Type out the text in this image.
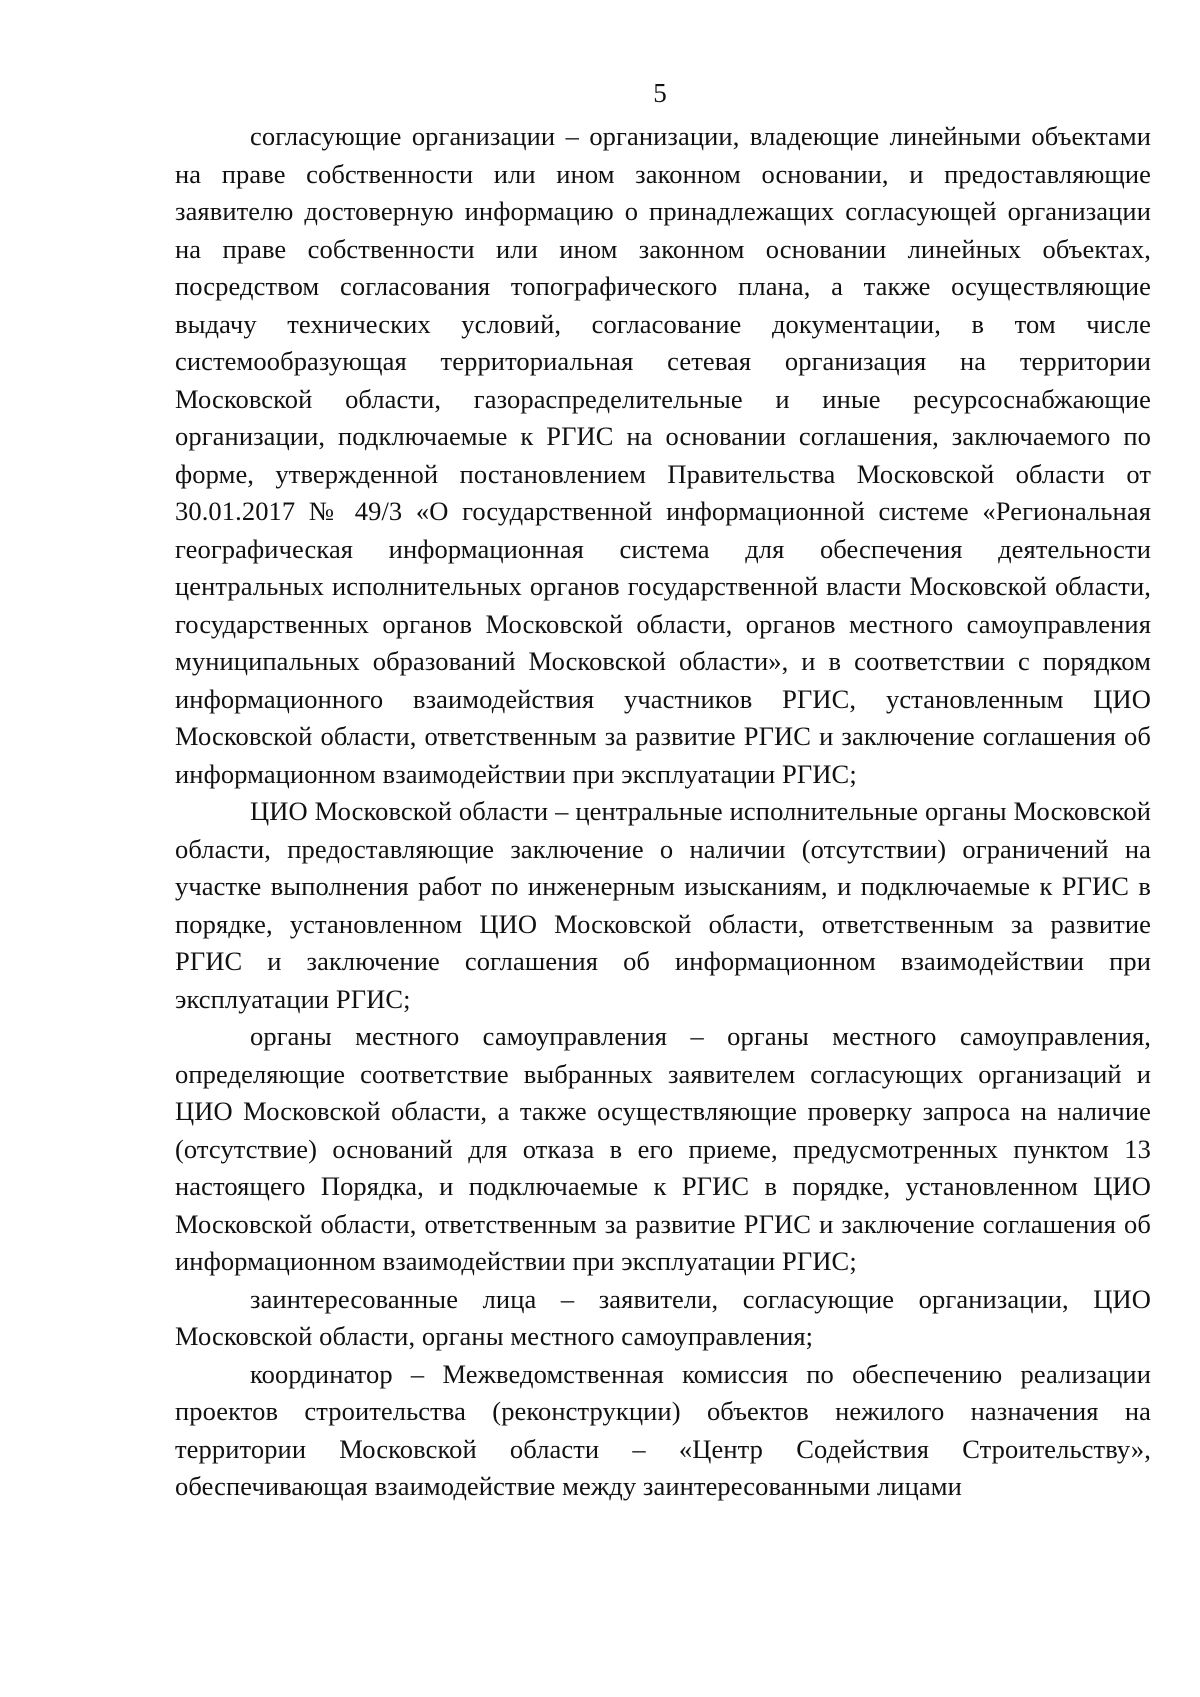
5

согласующие организации – организации, владеющие линейными объектами на праве собственности или ином законном основании, и предоставляющие заявителю достоверную информацию о принадлежащих согласующей организации на праве собственности или ином законном основании линейных объектах, посредством согласования топографического плана, а также осуществляющие выдачу технических условий, согласование документации, в том числе системообразующая территориальная сетевая организация на территории Московской области, газораспределительные и иные ресурсоснабжающие организации, подключаемые к РГИС на основании соглашения, заключаемого по форме, утвержденной постановлением Правительства Московской области от 30.01.2017 № 49/3 «О государственной информационной системе «Региональная географическая информационная система для обеспечения деятельности центральных исполнительных органов государственной власти Московской области, государственных органов Московской области, органов местного самоуправления муниципальных образований Московской области», и в соответствии с порядком информационного взаимодействия участников РГИС, установленным ЦИО Московской области, ответственным за развитие РГИС и заключение соглашения об информационном взаимодействии при эксплуатации РГИС;

ЦИО Московской области – центральные исполнительные органы Московской области, предоставляющие заключение о наличии (отсутствии) ограничений на участке выполнения работ по инженерным изысканиям, и подключаемые к РГИС в порядке, установленном ЦИО Московской области, ответственным за развитие РГИС и заключение соглашения об информационном взаимодействии при эксплуатации РГИС;

органы местного самоуправления – органы местного самоуправления, определяющие соответствие выбранных заявителем согласующих организаций и ЦИО Московской области, а также осуществляющие проверку запроса на наличие (отсутствие) оснований для отказа в его приеме, предусмотренных пунктом 13 настоящего Порядка, и подключаемые к РГИС в порядке, установленном ЦИО Московской области, ответственным за развитие РГИС и заключение соглашения об информационном взаимодействии при эксплуатации РГИС;

заинтересованные лица – заявители, согласующие организации, ЦИО Московской области, органы местного самоуправления;

координатор – Межведомственная комиссия по обеспечению реализации проектов строительства (реконструкции) объектов нежилого назначения на территории Московской области – «Центр Содействия Строительству», обеспечивающая взаимодействие между заинтересованными лицами
